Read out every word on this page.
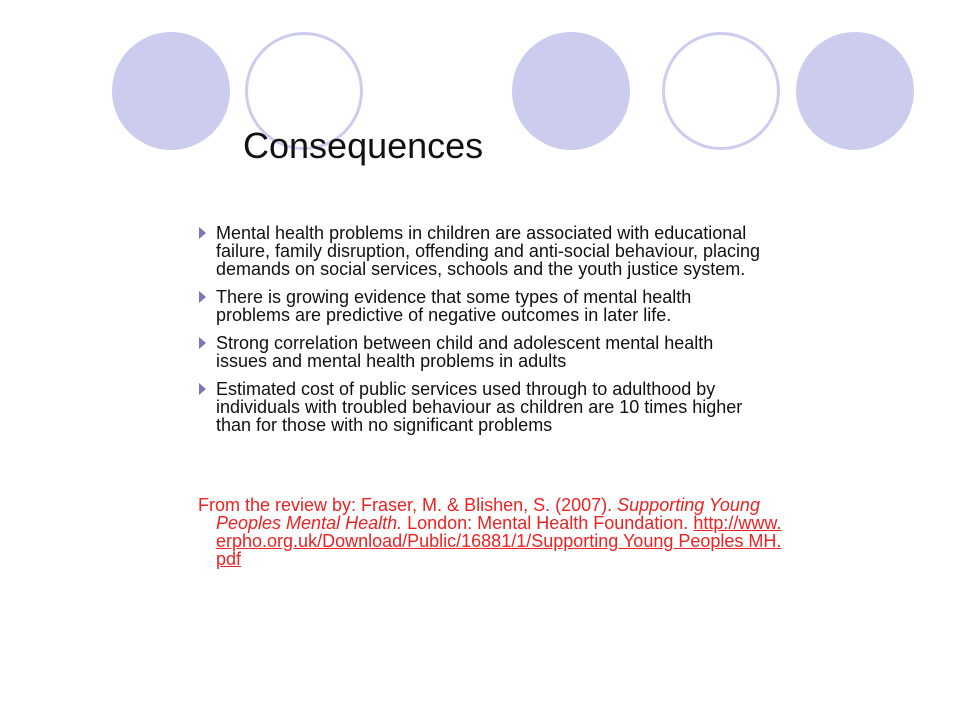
Consequences
Mental health problems in children are associated with educational failure, family disruption, offending and anti-social behaviour, placing demands on social services, schools and the youth justice system.
There is growing evidence that some types of mental health problems are predictive of negative outcomes in later life.
Strong correlation between child and adolescent mental health issues and mental health problems in adults
Estimated cost of public services used through to adulthood by individuals with troubled behaviour as children are 10 times higher than for those with no significant problems
From the review by: Fraser, M. & Blishen, S. (2007). Supporting Young Peoples Mental Health. London: Mental Health Foundation. http://www.erpho.org.uk/Download/Public/16881/1/Supporting Young Peoples MH.pdf
